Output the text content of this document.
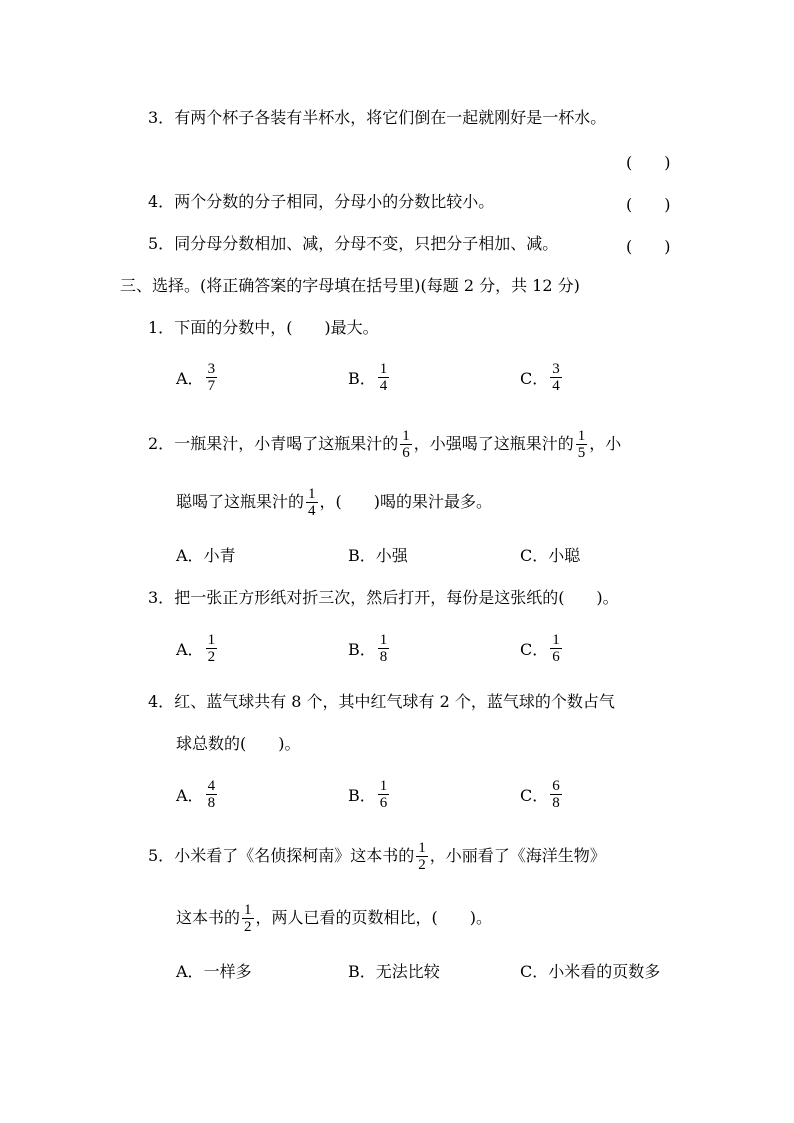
3．有两个杯子各装有半杯水，将它们倒在一起就刚好是一杯水。
(　　)
4．两个分数的分子相同，分母小的分数比较小。	(　　)
5．同分母分数相加、减，分母不变，只把分子相加、减。	(　　)
三、选择。(将正确答案的字母填在括号里)(每题 2 分，共 12 分)
1．下面的分数中，(　　)最大。
A． $\frac{3}{7}$	B． $\frac{1}{4}$	C． $\frac{3}{4}$
2． 一瓶果汁，小青喝了这瓶果汁的 $\frac{1}{6}$ ，小强喝了这瓶果汁的 $\frac{1}{5}$ ，小
聪喝了这瓶果汁的 $\frac{1}{4}$ ，(　　)喝的果汁最多。
A． 小青	B． 小强	C． 小聪
3．把一张正方形纸对折三次，然后打开，每份是这张纸的(　　)。
A． $\frac{1}{2}$	B． $\frac{1}{8}$	C． $\frac{1}{6}$
4．红、蓝气球共有 8 个，其中红气球有 2 个，蓝气球的个数占气
球总数的(　　)。
A． $\frac{4}{8}$	B． $\frac{1}{6}$	C． $\frac{6}{8}$
5． 小米看了《名侦探柯南》这本书的 $\frac{1}{2}$ ，小丽看了《海洋生物》
这本书的 $\frac{1}{2}$ ，两人已看的页数相比，(　　)。
A． 一样多	B． 无法比较	C． 小米看的页数多
